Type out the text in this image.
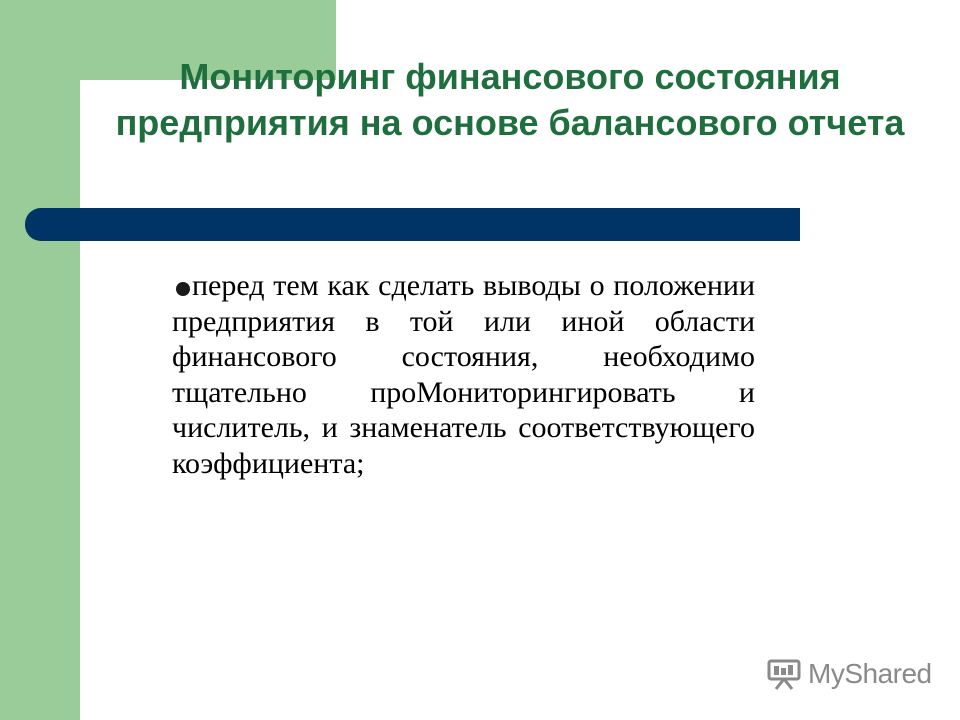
Мониторинг финансового состояния предприятия на основе балансового отчета

перед тем как сделать выводы о положении предприятия в той или иной области финансового состояния, необходимо тщательно проМониторингировать и числитель, и знаменатель соответствующего коэффициента;

MyShared
